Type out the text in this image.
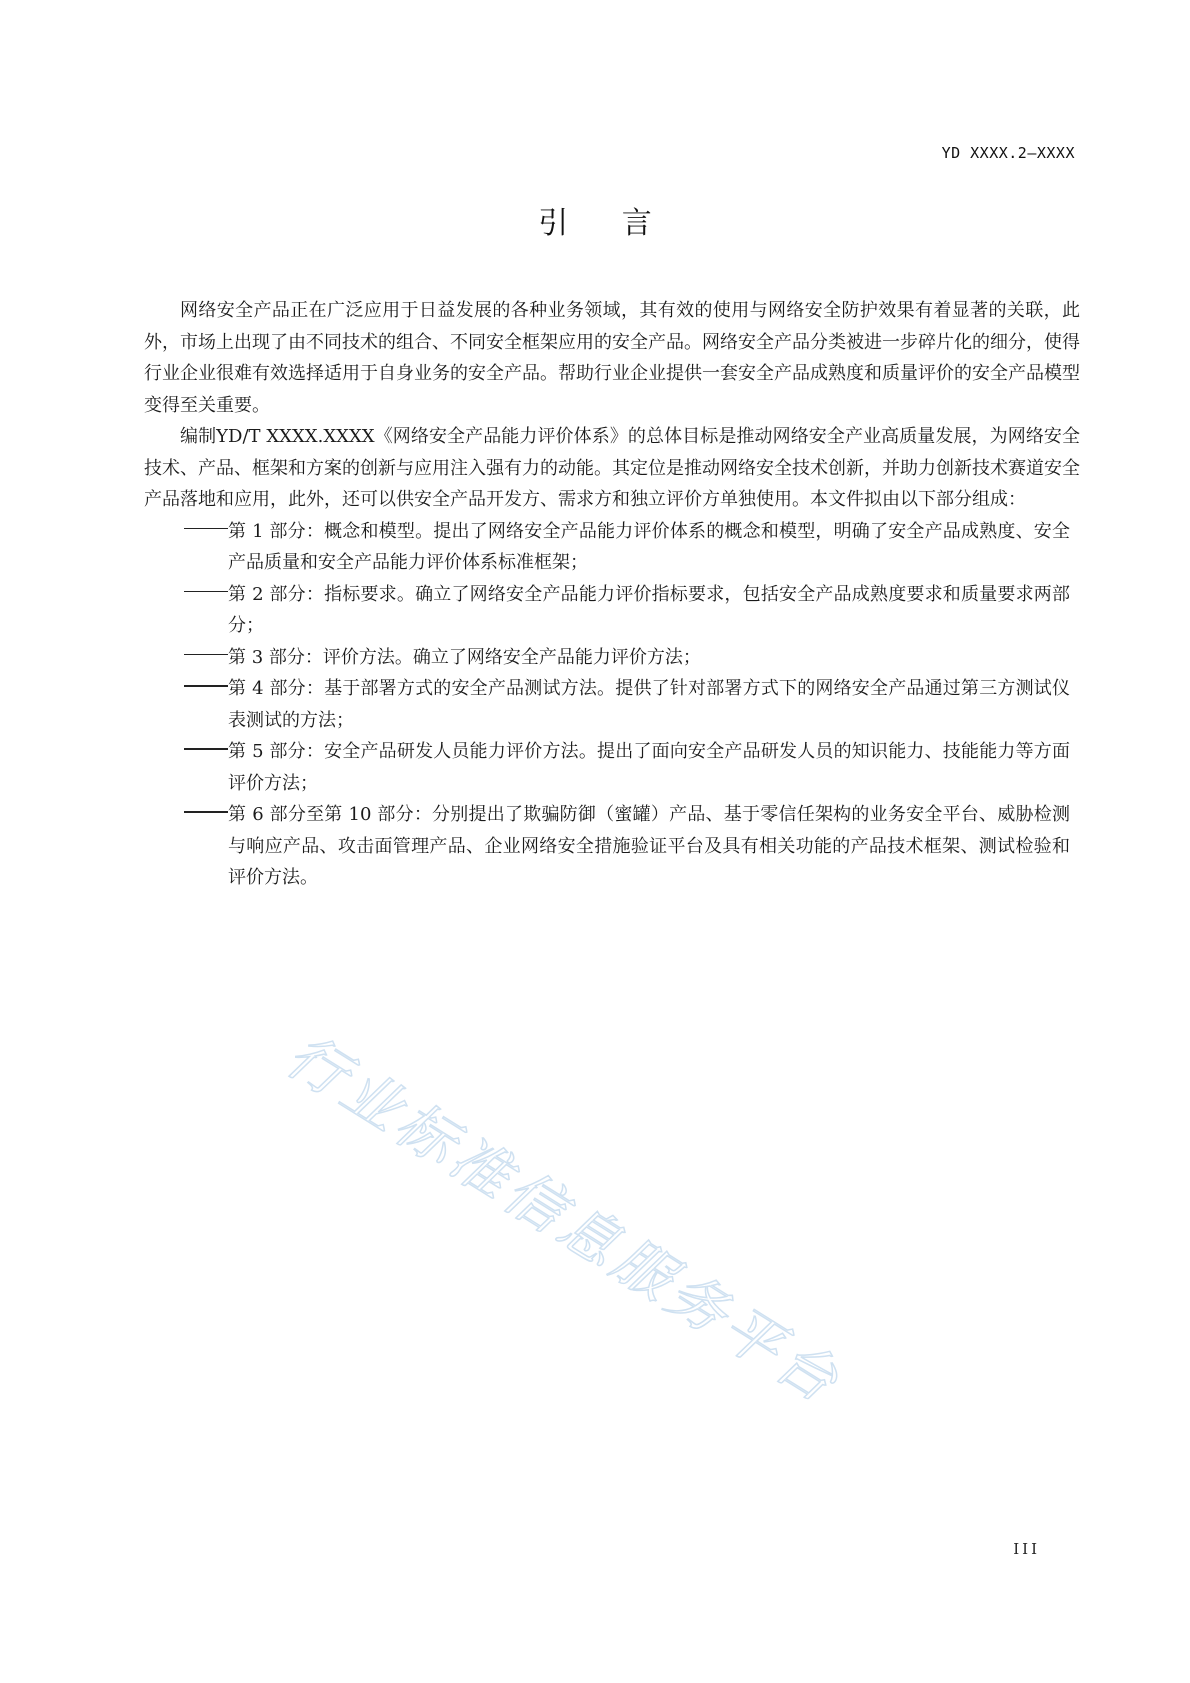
YD XXXX.2—XXXX
引 言

网络安全产品正在广泛应用于日益发展的各种业务领域，其有效的使用与网络安全防护效果有着显著的关联，此外，市场上出现了由不同技术的组合、不同安全框架应用的安全产品。网络安全产品分类被进一步碎片化的细分，使得行业企业很难有效选择适用于自身业务的安全产品。帮助行业企业提供一套安全产品成熟度和质量评价的安全产品模型变得至关重要。

编制YD/T XXXX.XXXX《网络安全产品能力评价体系》的总体目标是推动网络安全产业高质量发展，为网络安全技术、产品、框架和方案的创新与应用注入强有力的动能。其定位是推动网络安全技术创新，并助力创新技术赛道安全产品落地和应用，此外，还可以供安全产品开发方、需求方和独立评价方单独使用。本文件拟由以下部分组成：

第 1 部分：概念和模型。提出了网络安全产品能力评价体系的概念和模型，明确了安全产品成熟度、安全产品质量和安全产品能力评价体系标准框架；
第 2 部分：指标要求。确立了网络安全产品能力评价指标要求，包括安全产品成熟度要求和质量要求两部分；
第 3 部分：评价方法。确立了网络安全产品能力评价方法；
第 4 部分：基于部署方式的安全产品测试方法。提供了针对部署方式下的网络安全产品通过第三方测试仪表测试的方法；
第 5 部分：安全产品研发人员能力评价方法。提出了面向安全产品研发人员的知识能力、技能能力等方面评价方法；
第 6 部分至第 10 部分：分别提出了欺骗防御（蜜罐）产品、基于零信任架构的业务安全平台、威胁检测与响应产品、攻击面管理产品、企业网络安全措施验证平台及具有相关功能的产品技术框架、测试检验和评价方法。
行业标准信息服务平台
III
